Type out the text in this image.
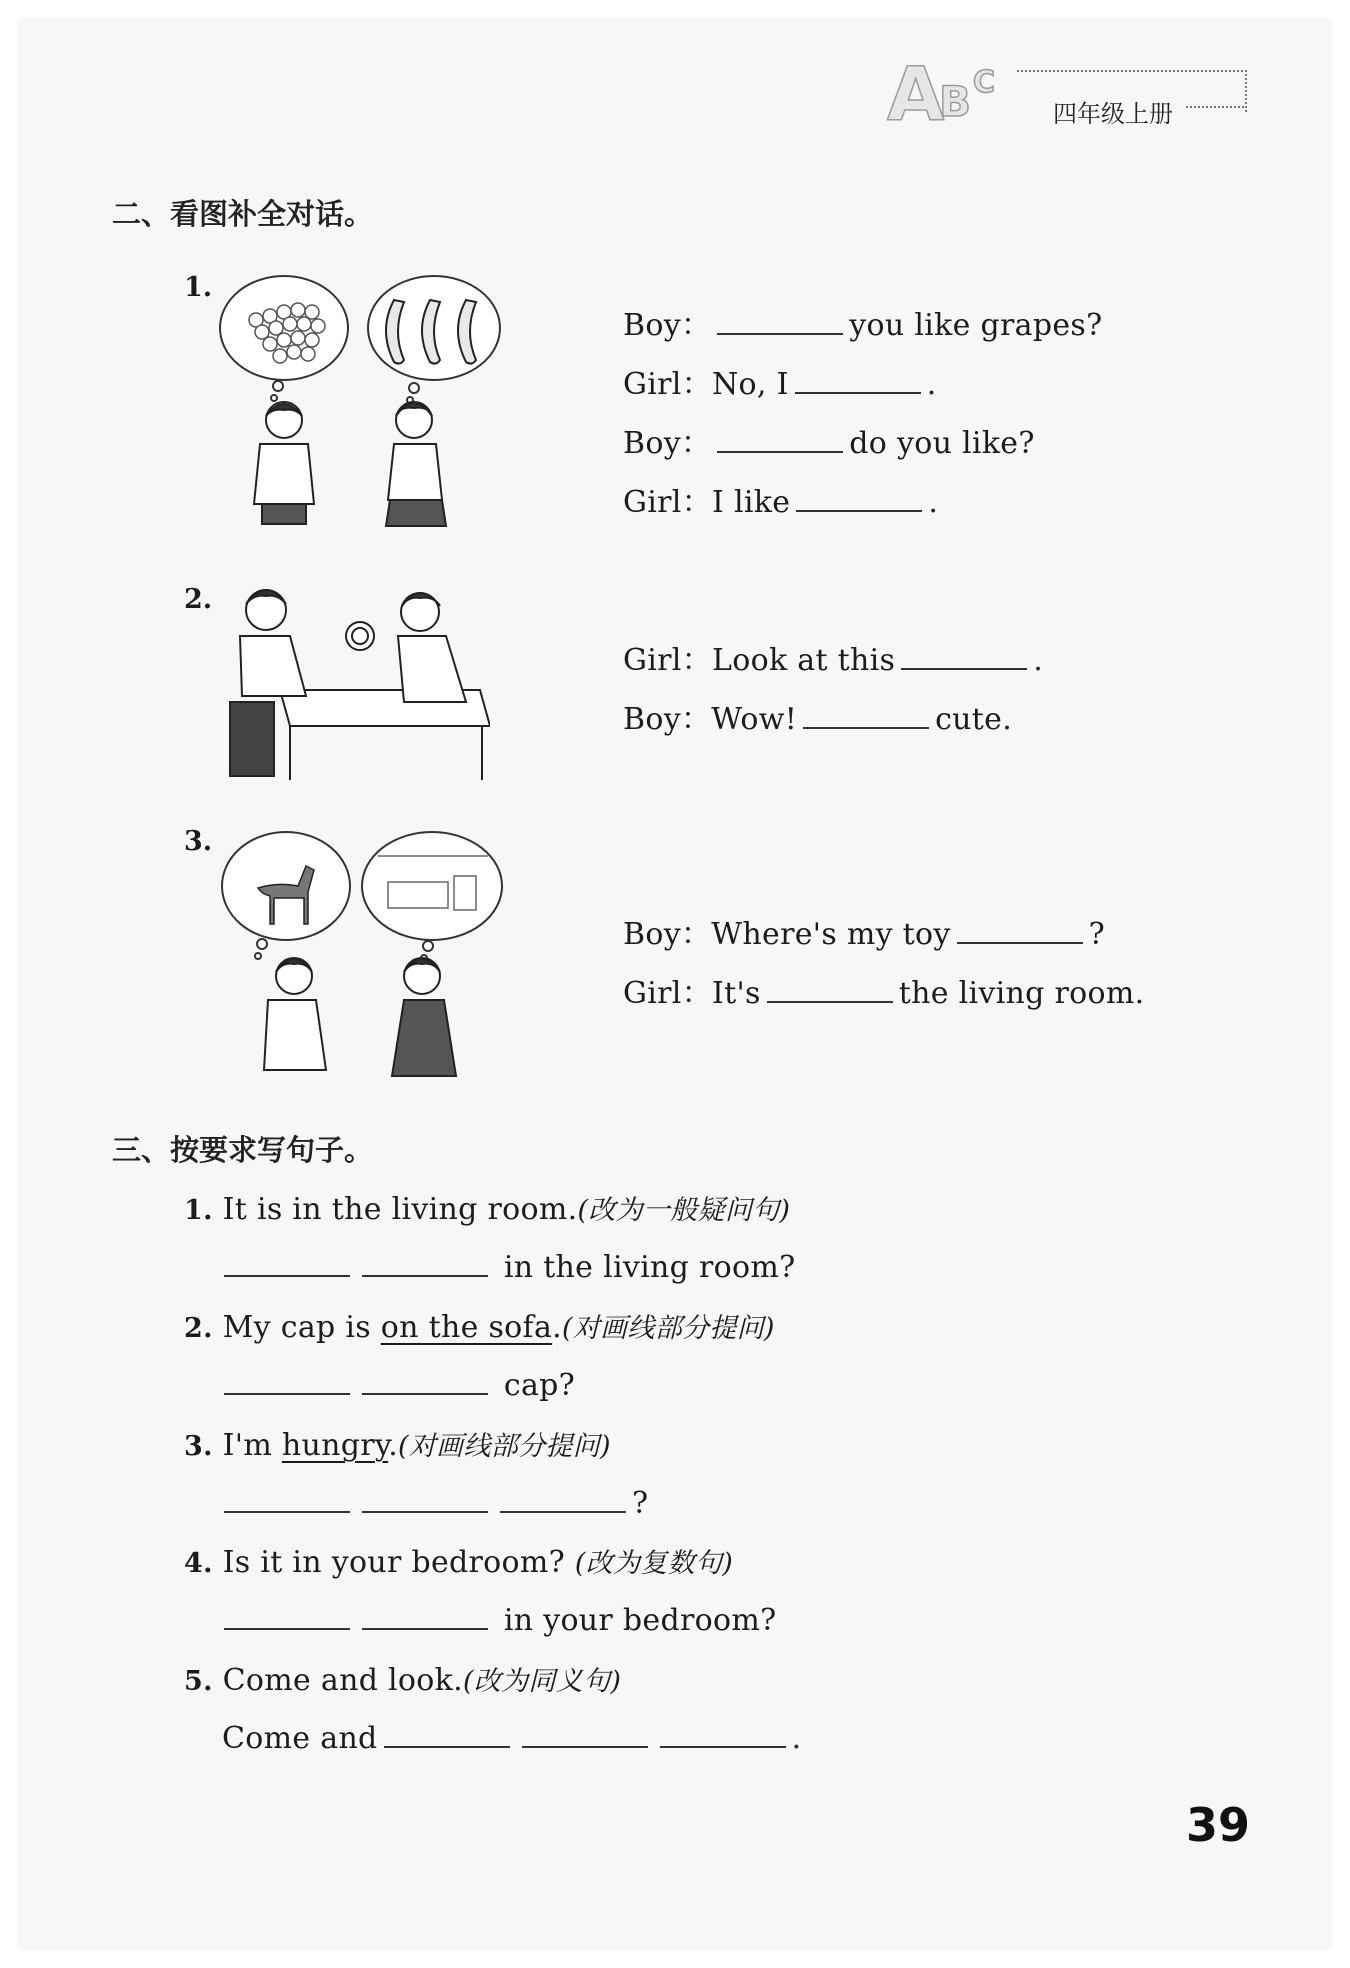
A
B C
四年级上册
二、看图补全对话。
1.
Boy：	you like grapes?
Girl：No, I	.
Boy：	do you like?
Girl：I like	.
2.
Girl：Look at this	.
Boy：Wow!	cute.
3.
Boy：Where's my toy	?
Girl：It's	the living room.
三、按要求写句子。
1. It is in the living room.(改为一般疑问句)
in the living room?
2. My cap is on the sofa.(对画线部分提问)
cap?
3. I'm hungry.(对画线部分提问)
?
4. Is it in your bedroom? (改为复数句)
in your bedroom?
5. Come and look.(改为同义句)
Come and	.
39
